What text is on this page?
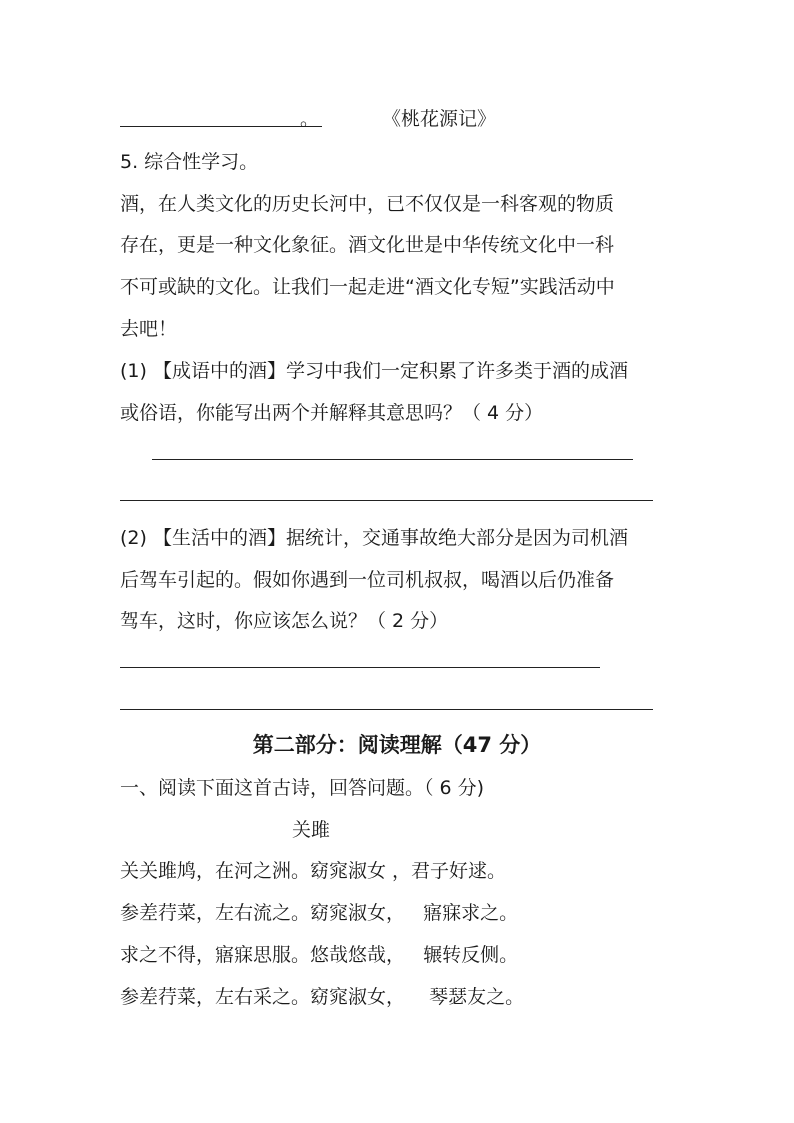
。	《桃花源记》
5. 综合性学习。
酒，在人类文化的历史长河中，已不仅仅是一科客观的物质
存在，更是一种文化象征。酒文化世是中华传统文化中一科
不可或缺的文化。让我们一起走进“酒文化专短”实践活动中
去吧！
(1) 【成语中的酒】学习中我们一定积累了许多类于酒的成酒
或俗语，你能写出两个并解释其意思吗？（ 4 分）
(2) 【生活中的酒】据统计，交通事故绝大部分是因为司机酒
后驾车引起的。假如你遇到一位司机叔叔，喝酒以后仍准备
驾车，这时，你应该怎么说？（ 2 分）
第二部分：阅读理解（47 分）
一、阅读下面这首古诗，回答问题。（ 6 分)
关雎
关关雎鸠，在河之洲。窈窕淑女 ，君子好逑。
参差荇菜，左右流之。窈窕淑女，   寤寐求之。
求之不得，寤寐思服。悠哉悠哉，   辗转反侧。
参差荇菜，左右采之。窈窕淑女，    琴瑟友之。
